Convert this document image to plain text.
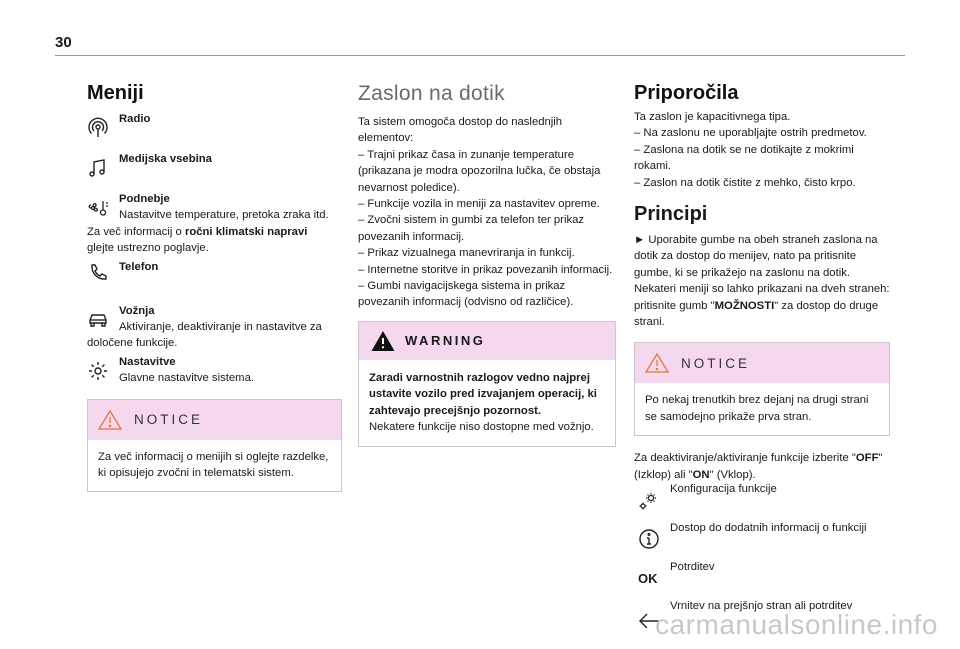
30
Meniji
Radio
Medijska vsebina
Podnebje
Nastavitve temperature, pretoka zraka itd.
Za več informacij o ročni klimatski napravi
glejte ustrezno poglavje.
Telefon
Vožnja
Aktiviranje, deaktiviranje in nastavitve za
določene funkcije.
Nastavitve
Glavne nastavitve sistema.
NOTICE
Za več informacij o menijih si oglejte razdelke, ki opisujejo zvočni in telematski sistem.
Zaslon na dotik

Ta sistem omogoča dostop do naslednjih elementov:

– Trajni prikaz časa in zunanje temperature (prikazana je modra opozorilna lučka, če obstaja nevarnost poledice).
– Funkcije vozila in meniji za nastavitev opreme.
– Zvočni sistem in gumbi za telefon ter prikaz povezanih informacij.
– Prikaz vizualnega manevriranja in funkcij.
– Internetne storitve in prikaz povezanih informacij.
– Gumbi navigacijskega sistema in prikaz povezanih informacij (odvisno od različice).

WARNING
Zaradi varnostnih razlogov vedno najprej ustavite vozilo pred izvajanjem operacij, ki zahtevajo precejšnjo pozornost.
Nekatere funkcije niso dostopne med vožnjo.
Priporočila

Ta zaslon je kapacitivnega tipa.

– Na zaslonu ne uporabljajte ostrih predmetov.
– Zaslona na dotik se ne dotikajte z mokrimi rokami.
– Zaslon na dotik čistite z mehko, čisto krpo.

Principi

► Uporabite gumbe na obeh straneh zaslona na dotik za dostop do menijev, nato pa pritisnite gumbe, ki se prikažejo na zaslonu na dotik. Nekateri meniji so lahko prikazani na dveh straneh: pritisnite gumb "MOŽNOSTI" za dostop do druge strani.

NOTICE
Po nekaj trenutkih brez dejanj na drugi strani se samodejno prikaže prva stran.

Za deaktiviranje/aktiviranje funkcije izberite "OFF" (Izklop) ali "ON" (Vklop).

Konfiguracija funkcije
Dostop do dodatnih informacij o funkciji
OK
Potrditev
Vrnitev na prejšnjo stran ali potrditev
carmanualsonline.info
